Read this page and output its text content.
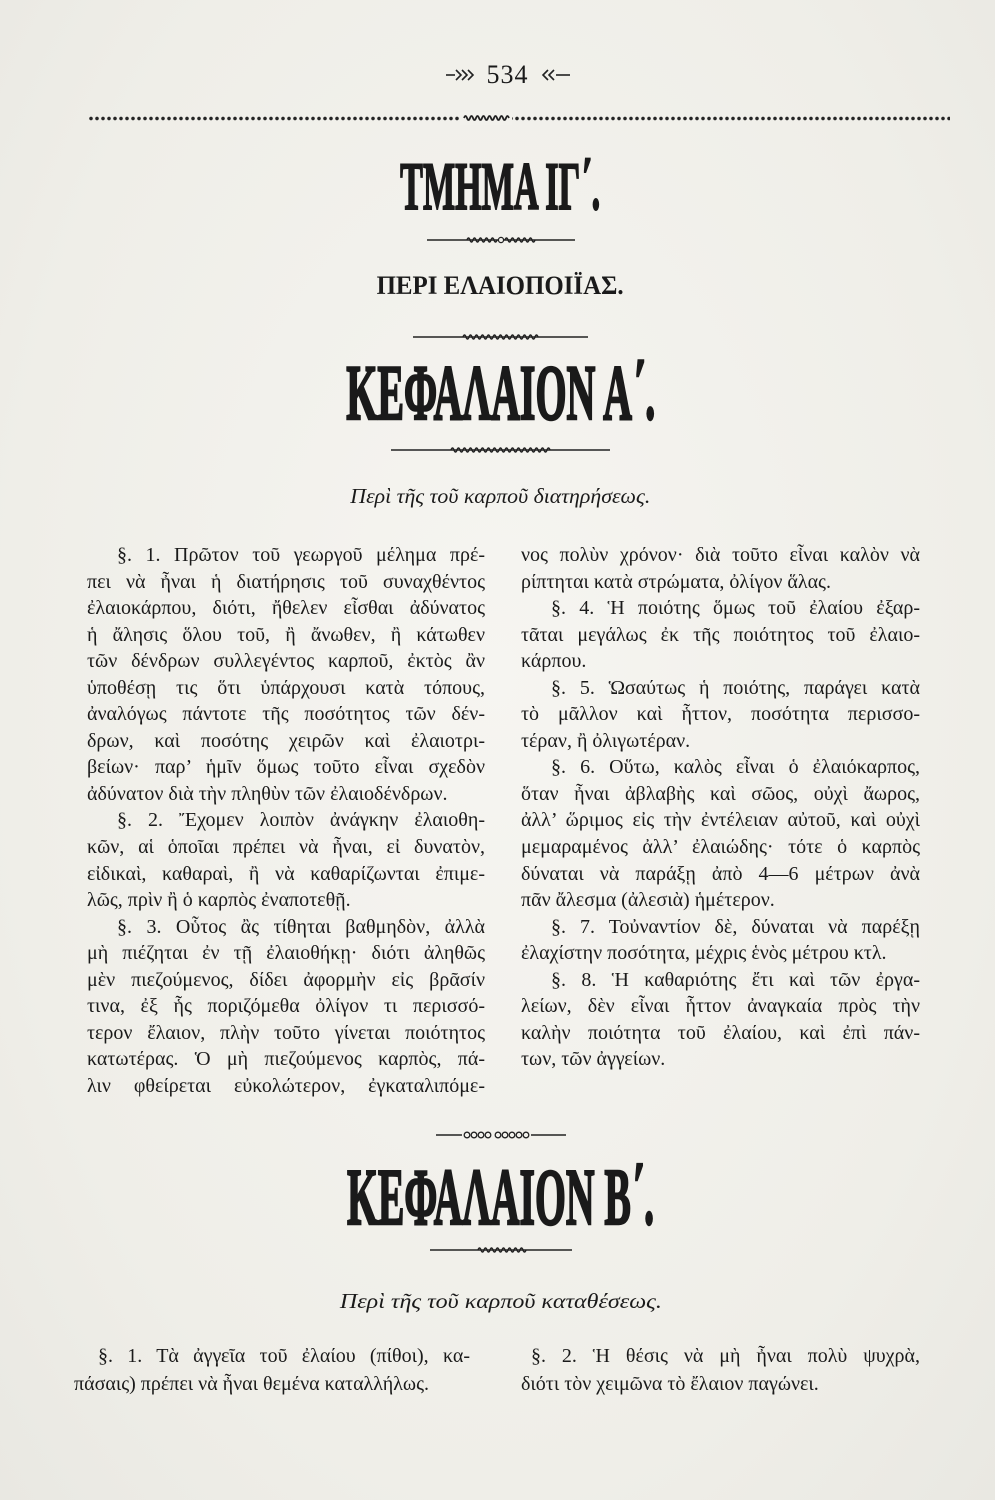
534
ΤΜΗΜΑ ΙΓ΄.
ΠΕΡΙ ΕΛΑΙΟΠΟΙΪΑΣ.
ΚΕΦΑΛΑΙΟΝ Α΄.
Περὶ τῆς τοῦ καρποῦ διατηρήσεως.
§. 1. Πρῶτον τοῦ γεωργοῦ μέλημα πρέ-
πει νὰ ἦναι ἡ διατήρησις τοῦ συναχθέντος
ἐλαιοκάρπου, διότι, ἤθελεν εἶσθαι ἀδύνατος
ἡ ἄλησις ὅλου τοῦ, ἢ ἄνωθεν, ἢ κάτωθεν
τῶν δένδρων συλλεγέντος καρποῦ, ἐκτὸς ἂν
ὑποθέσῃ τις ὅτι ὑπάρχουσι κατὰ τόπους,
ἀναλόγως πάντοτε τῆς ποσότητος τῶν δέν-
δρων, καὶ ποσότης χειρῶν καὶ ἐλαιοτρι-
βείων· παρ’ ἡμῖν ὅμως τοῦτο εἶναι σχεδὸν
ἀδύνατον διὰ τὴν πληθὺν τῶν ἐλαιοδένδρων.
§. 2. Ἔχομεν λοιπὸν ἀνάγκην ἐλαιοθη-
κῶν, αἱ ὁποῖαι πρέπει νὰ ἦναι, εἰ δυνατὸν,
εἰδικαὶ, καθαραὶ, ἢ νὰ καθαρίζωνται ἐπιμε-
λῶς, πρὶν ἢ ὁ καρπὸς ἐναποτεθῇ.
§. 3. Οὗτος ἂς τίθηται βαθμηδὸν, ἀλλὰ
μὴ πιέζηται ἐν τῇ ἐλαιοθήκῃ· διότι ἀληθῶς
μὲν πιεζούμενος, δίδει ἀφορμὴν εἰς βρᾶσίν
τινα, ἐξ ἧς ποριζόμεθα ὀλίγον τι περισσό-
τερον ἔλαιον, πλὴν τοῦτο γίνεται ποιότητος
κατωτέρας. Ὁ μὴ πιεζούμενος καρπὸς, πά-
λιν φθείρεται εὐκολώτερον, ἐγκαταλιπόμε-
νος πολὺν χρόνον· διὰ τοῦτο εἶναι καλὸν νὰ
ρίπτηται κατὰ στρώματα, ὀλίγον ἅλας.
§. 4. Ἡ ποιότης ὅμως τοῦ ἐλαίου ἐξαρ-
τᾶται μεγάλως ἐκ τῆς ποιότητος τοῦ ἐλαιο-
κάρπου.
§. 5. Ὡσαύτως ἡ ποιότης, παράγει κατὰ
τὸ μᾶλλον καὶ ἧττον, ποσότητα περισσο-
τέραν, ἢ ὀλιγωτέραν.
§. 6. Οὕτω, καλὸς εἶναι ὁ ἐλαιόκαρπος,
ὅταν ἦναι ἀβλαβὴς καὶ σῶος, οὐχὶ ἄωρος,
ἀλλ’ ὥριμος εἰς τὴν ἐντέλειαν αὐτοῦ, καὶ οὐχὶ
μεμαραμένος ἀλλ’ ἐλαιώδης· τότε ὁ καρπὸς
δύναται νὰ παράξῃ ἀπὸ 4—6 μέτρων ἀνὰ
πᾶν ἄλεσμα (ἀλεσιὰ) ἡμέτερον.
§. 7. Τοὐναντίον δὲ, δύναται νὰ παρέξῃ
ἐλαχίστην ποσότητα, μέχρις ἑνὸς μέτρου κτλ.
§. 8. Ἡ καθαριότης ἔτι καὶ τῶν ἐργα-
λείων, δὲν εἶναι ἧττον ἀναγκαία πρὸς τὴν
καλὴν ποιότητα τοῦ ἐλαίου, καὶ ἐπὶ πάν-
των, τῶν ἀγγείων.
ΚΕΦΑΛΑΙΟΝ Β΄.
Περὶ τῆς τοῦ καρποῦ καταθέσεως.
§. 1. Τὰ ἀγγεῖα τοῦ ἐλαίου (πίθοι), κα-
πάσαις) πρέπει νὰ ἦναι θεμένα καταλλήλως.
§. 2. Ἡ θέσις νὰ μὴ ἦναι πολὺ ψυχρὰ,
διότι τὸν χειμῶνα τὸ ἔλαιον παγώνει.
